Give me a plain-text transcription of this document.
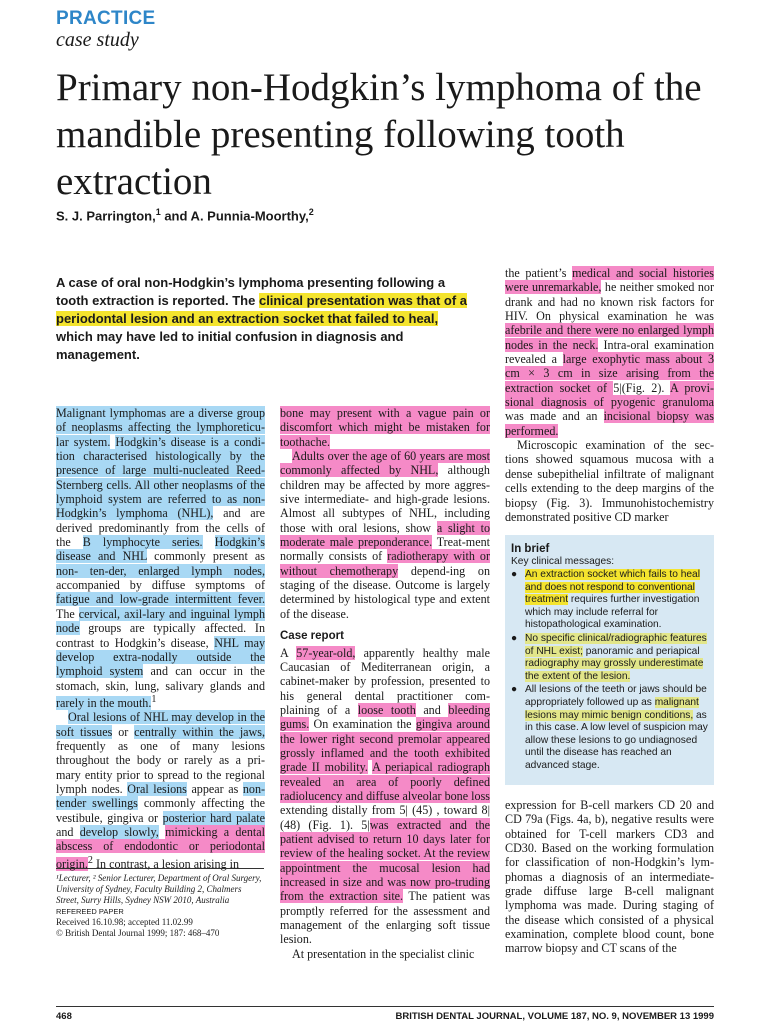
PRACTICE
case study
Primary non-Hodgkin’s lymphoma of the mandible presenting following tooth extraction
S. J. Parrington,$^1$ and A. Punnia-Moorthy,$^2$
A case of oral non-Hodgkin’s lymphoma presenting following a tooth extraction is reported. The clinical presentation was that of a periodontal lesion and an extraction socket that failed to heal, which may have led to initial confusion in diagnosis and management.

Malignant lymphomas are a diverse group of neoplasms affecting the lymphoreticu-lar system. Hodgkin’s disease is a condi-tion characterised histologically by the presence of large multi-nucleated Reed-Sternberg cells. All other neoplasms of the lymphoid system are referred to as non-Hodgkin’s lymphoma (NHL), and are derived predominantly from the cells of the B lymphocyte series. Hodgkin’s disease and NHL commonly present as non- ten-der, enlarged lymph nodes, accompanied by diffuse symptoms of fatigue and low-grade intermittent fever. The cervical, axil-lary and inguinal lymph node groups are typically affected. In contrast to Hodgkin’s disease, NHL may develop extra-nodally outside the lymphoid system and can occur in the stomach, skin, lung, salivary glands and rarely in the mouth.$^1$

Oral lesions of NHL may develop in the soft tissues or centrally within the jaws, frequently as one of many lesions throughout the body or rarely as a pri-mary entity prior to spread to the regional lymph nodes. Oral lesions appear as non-tender swellings commonly affecting the vestibule, gingiva or posterior hard palate and develop slowly, mimicking a dental abscess of endodontic or periodontal origin.$^2$ In contrast, a lesion arising in

¹Lecturer, ² Senior Lecturer, Department of Oral Surgery, University of Sydney, Faculty Building 2, Chalmers Street, Surry Hills, Sydney NSW 2010, Australia
REFEREED PAPER
Received 16.10.98; accepted 11.02.99
© British Dental Journal 1999; 187: 468–470

bone may present with a vague pain or discomfort which might be mistaken for toothache.

Adults over the age of 60 years are most commonly affected by NHL, although children may be affected by more aggres-sive intermediate- and high-grade lesions. Almost all subtypes of NHL, including those with oral lesions, show a slight to moderate male preponderance. Treat-ment normally consists of radiotherapy with or without chemotherapy depend-ing on staging of the disease. Outcome is largely determined by histological type and extent of the disease.

Case report

A 57-year-old, apparently healthy male Caucasian of Mediterranean origin, a cabinet-maker by profession, presented to his general dental practitioner com-plaining of a loose tooth and bleeding gums. On examination the gingiva around the lower right second premolar appeared grossly inflamed and the tooth exhibited grade II mobility. A periapical radiograph revealed an area of poorly defined radiolucency and diffuse alveolar bone loss extending distally from 5| (45) , toward 8|(48) (Fig. 1). 5|was extracted and the patient advised to return 10 days later for review of the healing socket. At the review appointment the mucosal lesion had increased in size and was now pro-truding from the extraction site. The patient was promptly referred for the assessment and management of the enlarging soft tissue lesion.

At presentation in the specialist clinic

the patient’s medical and social histories were unremarkable, he neither smoked nor drank and had no known risk factors for HIV. On physical examination he was afebrile and there were no enlarged lymph nodes in the neck. Intra-oral examination revealed a large exophytic mass about 3 cm × 3 cm in size arising from the extraction socket of 5|(Fig. 2). A provi-sional diagnosis of pyogenic granuloma was made and an incisional biopsy was performed.

Microscopic examination of the sec-tions showed squamous mucosa with a dense subepithelial infiltrate of malignant cells extending to the deep margins of the biopsy (Fig. 3). Immunohistochemistry demonstrated positive CD marker

In brief
Key clinical messages:
● An extraction socket which fails to heal and does not respond to conventional treatment requires further investigation which may include referral for histopathological examination.
● No specific clinical/radiographic features of NHL exist; panoramic and periapical radiography may grossly underestimate the extent of the lesion.
● All lesions of the teeth or jaws should be appropriately followed up as malignant lesions may mimic benign conditions, as in this case. A low level of suspicion may allow these lesions to go undiagnosed until the disease has reached an advanced stage.

expression for B-cell markers CD 20 and CD 79a (Figs. 4a, b), negative results were obtained for T-cell markers CD3 and CD30. Based on the working formulation for classification of non-Hodgkin’s lym-phomas a diagnosis of an intermediate-grade diffuse large B-cell malignant lymphoma was made. During staging of the disease which consisted of a physical examination, complete blood count, bone marrow biopsy and CT scans of the

468	BRITISH DENTAL JOURNAL, VOLUME 187, NO. 9, NOVEMBER 13 1999
